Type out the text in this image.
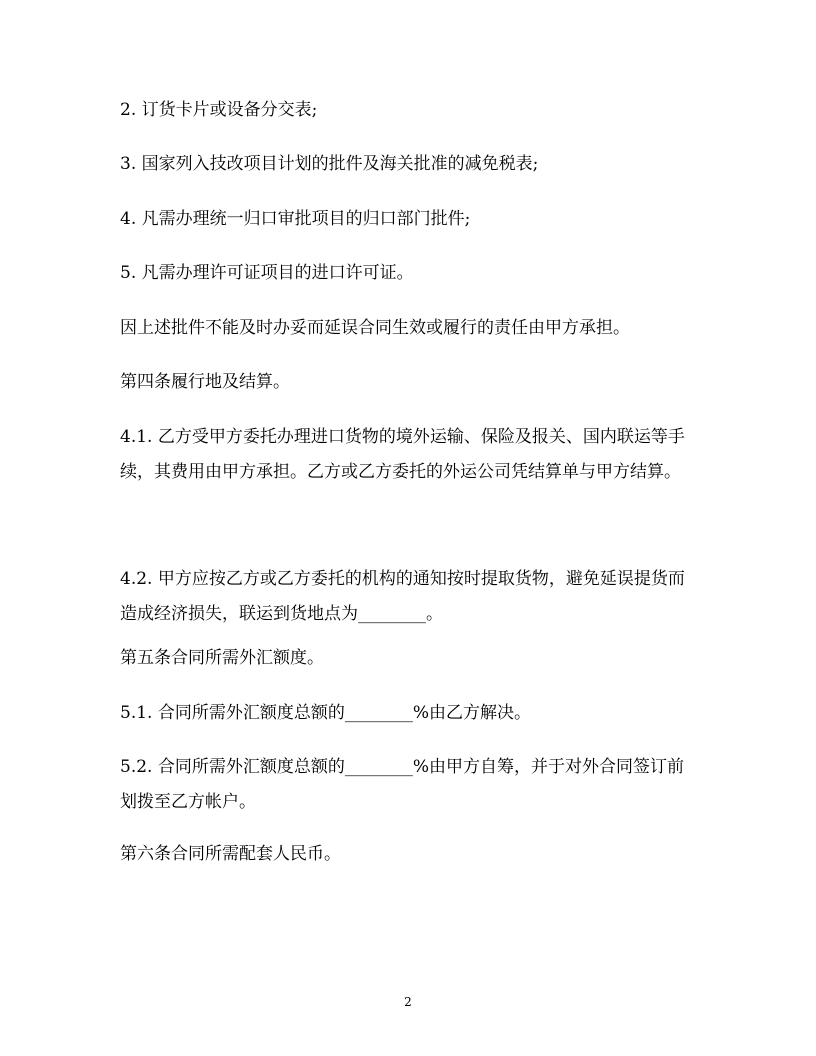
2. 订货卡片或设备分交表;
3. 国家列入技改项目计划的批件及海关批准的减免税表;
4. 凡需办理统一归口审批项目的归口部门批件;
5. 凡需办理许可证项目的进口许可证。
因上述批件不能及时办妥而延误合同生效或履行的责任由甲方承担。
第四条履行地及结算。
4.1. 乙方受甲方委托办理进口货物的境外运输、保险及报关、国内联运等手续，其费用由甲方承担。乙方或乙方委托的外运公司凭结算单与甲方结算。
4.2. 甲方应按乙方或乙方委托的机构的通知按时提取货物，避免延误提货而造成经济损失，联运到货地点为________。
第五条合同所需外汇额度。
5.1. 合同所需外汇额度总额的________%由乙方解决。
5.2. 合同所需外汇额度总额的________%由甲方自筹，并于对外合同签订前划拨至乙方帐户。
第六条合同所需配套人民币。
2
